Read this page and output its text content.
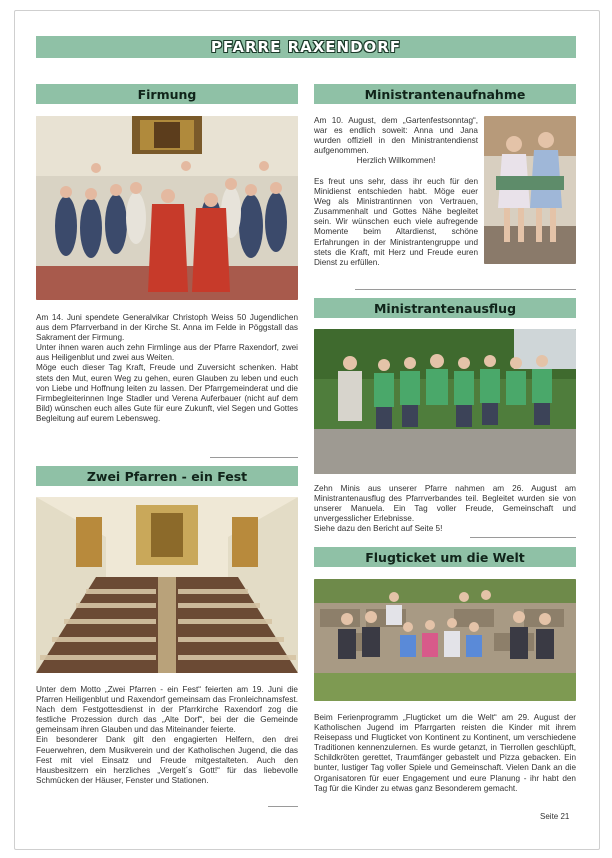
PFARRE RAXENDORF
Firmung

Am 14. Juni spendete Generalvikar Christoph Weiss 50 Jugendlichen aus dem Pfarrverband in der Kirche St. Anna im Felde in Pöggstall das Sakrament der Firmung.

Unter ihnen waren auch zehn Firmlinge aus der Pfarre Raxendorf, zwei aus Heiligenblut und zwei aus Weiten.

Möge euch dieser Tag Kraft, Freude und Zuversicht schenken. Habt stets den Mut, euren Weg zu gehen, euren Glauben zu leben und euch von Liebe und Hoffnung leiten zu lassen. Der Pfarrgemeinderat und die Firmbegleiterinnen Inge Stadler und Verena Auferbauer (nicht auf dem Bild) wünschen euch alles Gute für eure Zukunft, viel Segen und Gottes Begleitung auf eurem Lebensweg.

Zwei Pfarren - ein Fest

Unter dem Motto „Zwei Pfarren - ein Fest“ feierten am 19. Juni die Pfarren Heiligenblut und Raxendorf gemeinsam das Fronleichnamsfest. Nach dem Festgottesdienst in der Pfarrkirche Raxendorf zog die festliche Prozession durch das „Alte Dorf“, bei der die Gemeinde gemeinsam ihren Glauben und das Miteinander feierte.

Ein besonderer Dank gilt den engagierten Helfern, den drei Feuerwehren, dem Musikverein und der Katholischen Jugend, die das Fest mit viel Einsatz und Freude mitgestalteten. Auch den Hausbesitzern ein herzliches „Vergelt´s Gott!“ für das liebevolle Schmücken der Häuser, Fenster und Stationen.

Ministrantenaufnahme

Am 10. August, dem „Gartenfestsonntag“, war es endlich soweit: Anna und Jana wurden offiziell in den Ministrantendienst aufgenommen.

Herzlich Willkommen!

Es freut uns sehr, dass ihr euch für den Minidienst entschieden habt. Möge euer Weg als Ministrantinnen von Vertrauen, Zusammenhalt und Gottes Nähe begleitet sein. Wir wünschen euch viele aufregende Momente beim Altardienst, schöne Erfahrungen in der Ministrantengruppe und stets die Kraft, mit Herz und Freude euren Dienst zu erfüllen.

Ministrantenausflug

Zehn Minis aus unserer Pfarre nahmen am 26. August am Ministrantenausflug des Pfarrverbandes teil. Begleitet wurden sie von unserer Manuela. Ein Tag voller Freude, Gemeinschaft und unvergesslicher Erlebnisse.

Siehe dazu den Bericht auf Seite 5!

Flugticket um die Welt

Beim Ferienprogramm „Flugticket um die Welt“ am 29. August der Katholischen Jugend im Pfarrgarten reisten die Kinder mit ihrem Reisepass und Flugticket von Kontinent zu Kontinent, um verschiedene Traditionen kennenzulernen. Es wurde getanzt, in Tierrollen geschlüpft, Schildkröten gerettet, Traumfänger gebastelt und Pizza gebacken. Ein bunter, lustiger Tag voller Spiele und Gemeinschaft. Vielen Dank an die Organisatoren für euer Engagement und eure Planung - ihr habt den Tag für die Kinder zu etwas ganz Besonderem gemacht.

Seite 21
